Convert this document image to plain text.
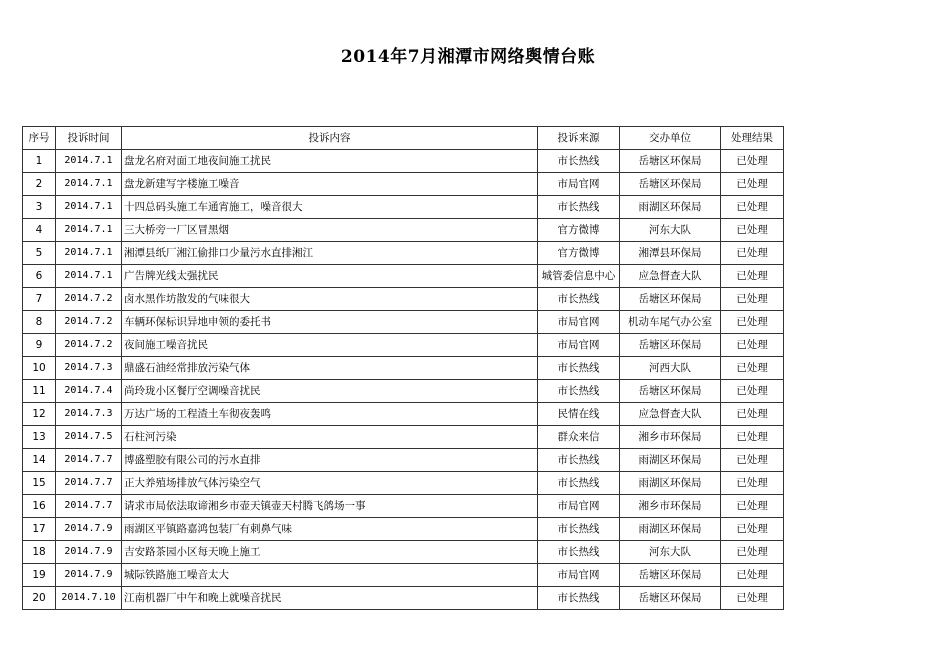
2014年7月湘潭市网络舆情台账
序号	投诉时间	投诉内容	投诉来源	交办单位	处理结果
1	2014.7.1	盘龙名府对面工地夜间施工扰民	市长热线	岳塘区环保局	已处理
2	2014.7.1	盘龙新建写字楼施工噪音	市局官网	岳塘区环保局	已处理
3	2014.7.1	十四总码头施工车通宵施工，噪音很大	市长热线	雨湖区环保局	已处理
4	2014.7.1	三大桥旁一厂区冒黑烟	官方微博	河东大队	已处理
5	2014.7.1	湘潭县纸厂湘江偷排口少量污水直排湘江	官方微博	湘潭县环保局	已处理
6	2014.7.1	广告牌光线太强扰民	城管委信息中心	应急督查大队	已处理
7	2014.7.2	卤水黑作坊散发的气味很大	市长热线	岳塘区环保局	已处理
8	2014.7.2	车辆环保标识异地申领的委托书	市局官网	机动车尾气办公室	已处理
9	2014.7.2	夜间施工噪音扰民	市局官网	岳塘区环保局	已处理
10	2014.7.3	鼎盛石油经常排放污染气体	市长热线	河西大队	已处理
11	2014.7.4	尚玲珑小区餐厅空调噪音扰民	市长热线	岳塘区环保局	已处理
12	2014.7.3	万达广场的工程渣土车彻夜轰鸣	民情在线	应急督查大队	已处理
13	2014.7.5	石柱河污染	群众来信	湘乡市环保局	已处理
14	2014.7.7	博盛塑胶有限公司的污水直排	市长热线	雨湖区环保局	已处理
15	2014.7.7	正大养殖场排放气体污染空气	市长热线	雨湖区环保局	已处理
16	2014.7.7	请求市局依法取谛湘乡市壶天镇壶天村腾飞鸽场一事	市局官网	湘乡市环保局	已处理
17	2014.7.9	雨湖区平镇路嘉鸿包装厂有刺鼻气味	市长热线	雨湖区环保局	已处理
18	2014.7.9	吉安路茶园小区每天晚上施工	市长热线	河东大队	已处理
19	2014.7.9	城际铁路施工噪音太大	市局官网	岳塘区环保局	已处理
20	2014.7.10	江南机器厂中午和晚上就噪音扰民	市长热线	岳塘区环保局	已处理
